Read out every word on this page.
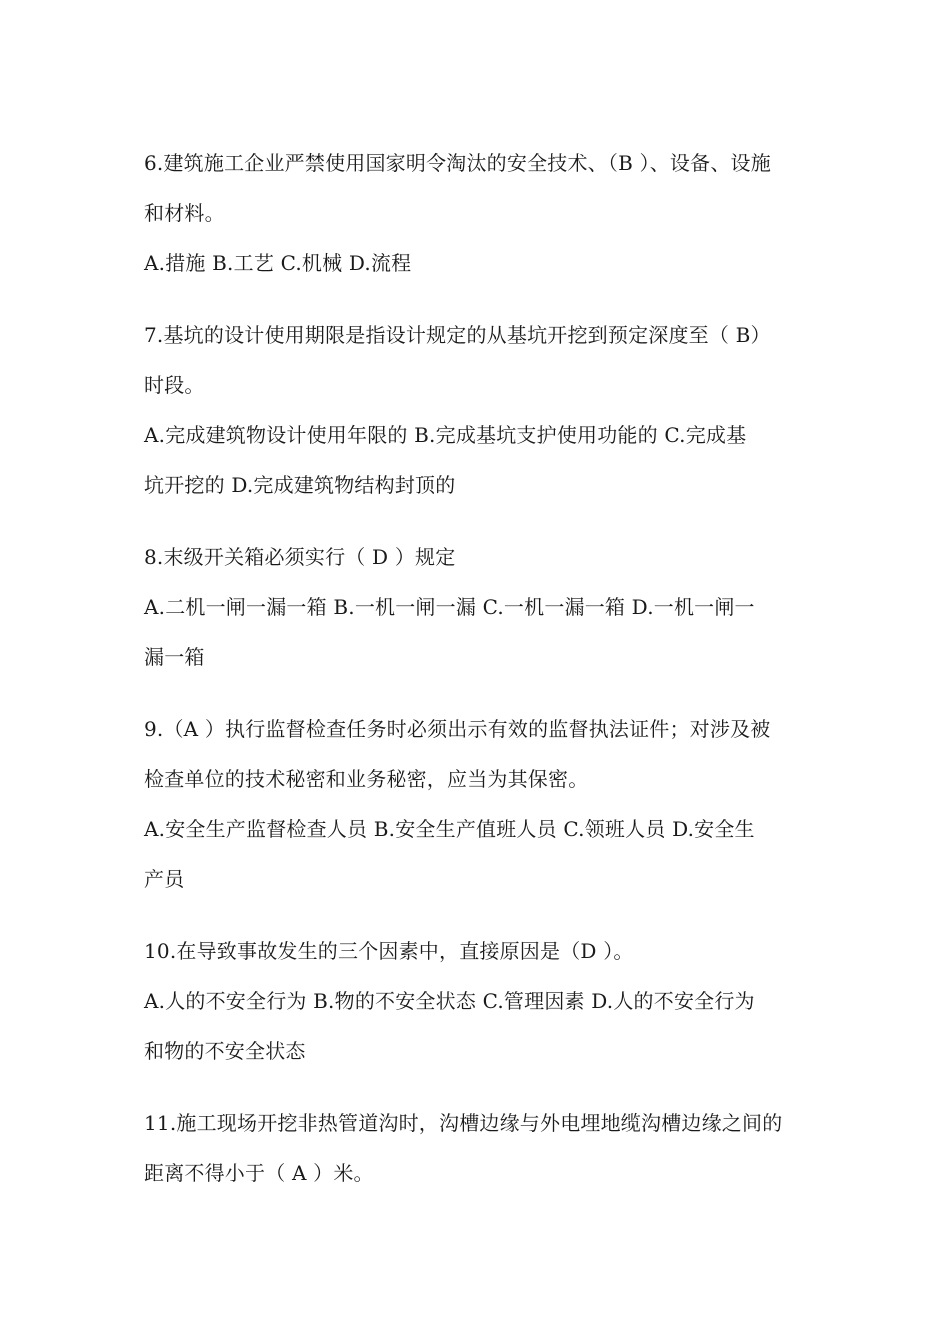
6.建筑施工企业严禁使用国家明令淘汰的安全技术、（B ）、设备、设施
和材料。
A.措施 B.工艺 C.机械 D.流程
7.基坑的设计使用期限是指设计规定的从基坑开挖到预定深度至（ B）
时段。
A.完成建筑物设计使用年限的 B.完成基坑支护使用功能的 C.完成基
坑开挖的 D.完成建筑物结构封顶的
8.末级开关箱必须实行（ D ）规定
A.二机一闸一漏一箱 B.一机一闸一漏 C.一机一漏一箱 D.一机一闸一
漏一箱
9.（A ）执行监督检查任务时必须出示有效的监督执法证件；对涉及被
检查单位的技术秘密和业务秘密，应当为其保密。
A.安全生产监督检查人员 B.安全生产值班人员 C.领班人员 D.安全生
产员
10.在导致事故发生的三个因素中，直接原因是（D ）。
A.人的不安全行为 B.物的不安全状态 C.管理因素 D.人的不安全行为
和物的不安全状态
11.施工现场开挖非热管道沟时，沟槽边缘与外电埋地缆沟槽边缘之间的
距离不得小于（ A ）米。
